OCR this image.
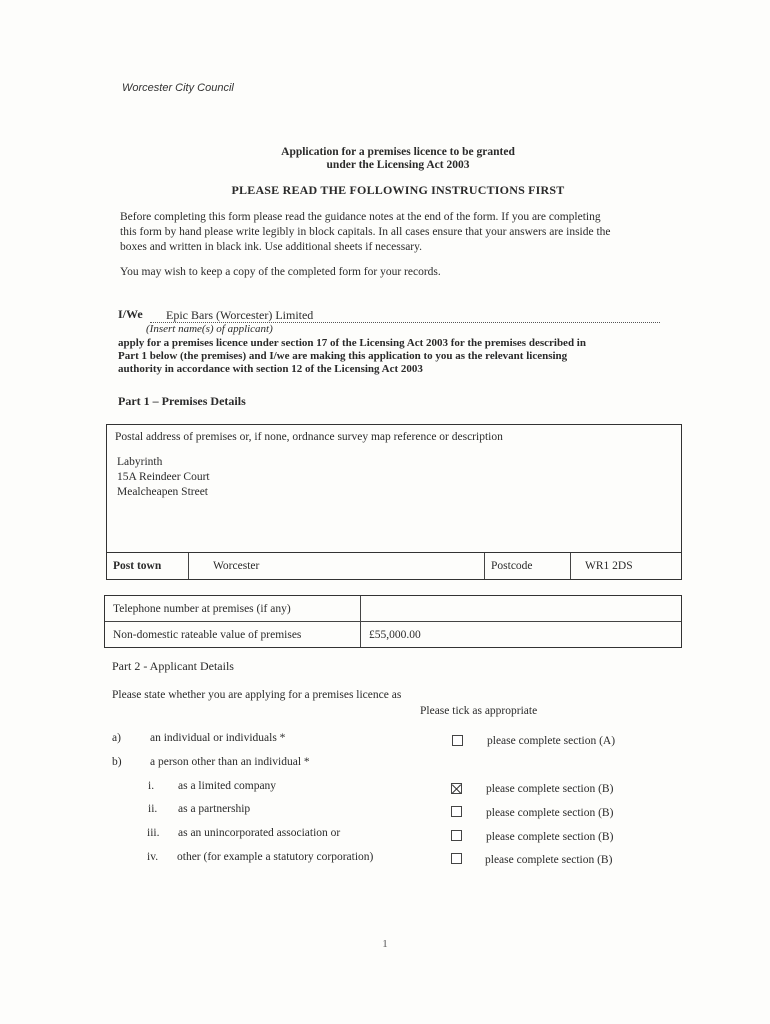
Worcester City Council
Application for a premises licence to be granted
under the Licensing Act 2003
PLEASE READ THE FOLLOWING INSTRUCTIONS FIRST
Before completing this form please read the guidance notes at the end of the form. If you are completing
this form by hand please write legibly in block capitals. In all cases ensure that your answers are inside the
boxes and written in black ink. Use additional sheets if necessary.
You may wish to keep a copy of the completed form for your records.
I/We	Epic Bars (Worcester) Limited
(Insert name(s) of applicant)
apply for a premises licence under section 17 of the Licensing Act 2003 for the premises described in
Part 1 below (the premises) and I/we are making this application to you as the relevant licensing
authority in accordance with section 12 of the Licensing Act 2003
Part 1 – Premises Details
Postal address of premises or, if none, ordnance survey map reference or description
Labyrinth
15A Reindeer Court
Mealcheapen Street
Post town	Worcester	Postcode	WR1 2DS
Telephone number at premises (if any)
Non-domestic rateable value of premises	£55,000.00
Part 2 - Applicant Details
Please state whether you are applying for a premises licence as
Please tick as appropriate
a)	an individual or individuals *	please complete section (A)
b) a person other than an individual *
i. as a limited company	please complete section (B)
ii. as a partnership	please complete section (B)
iii. as an unincorporated association or	please complete section (B)
iv. other (for example a statutory corporation)	please complete section (B)
1
